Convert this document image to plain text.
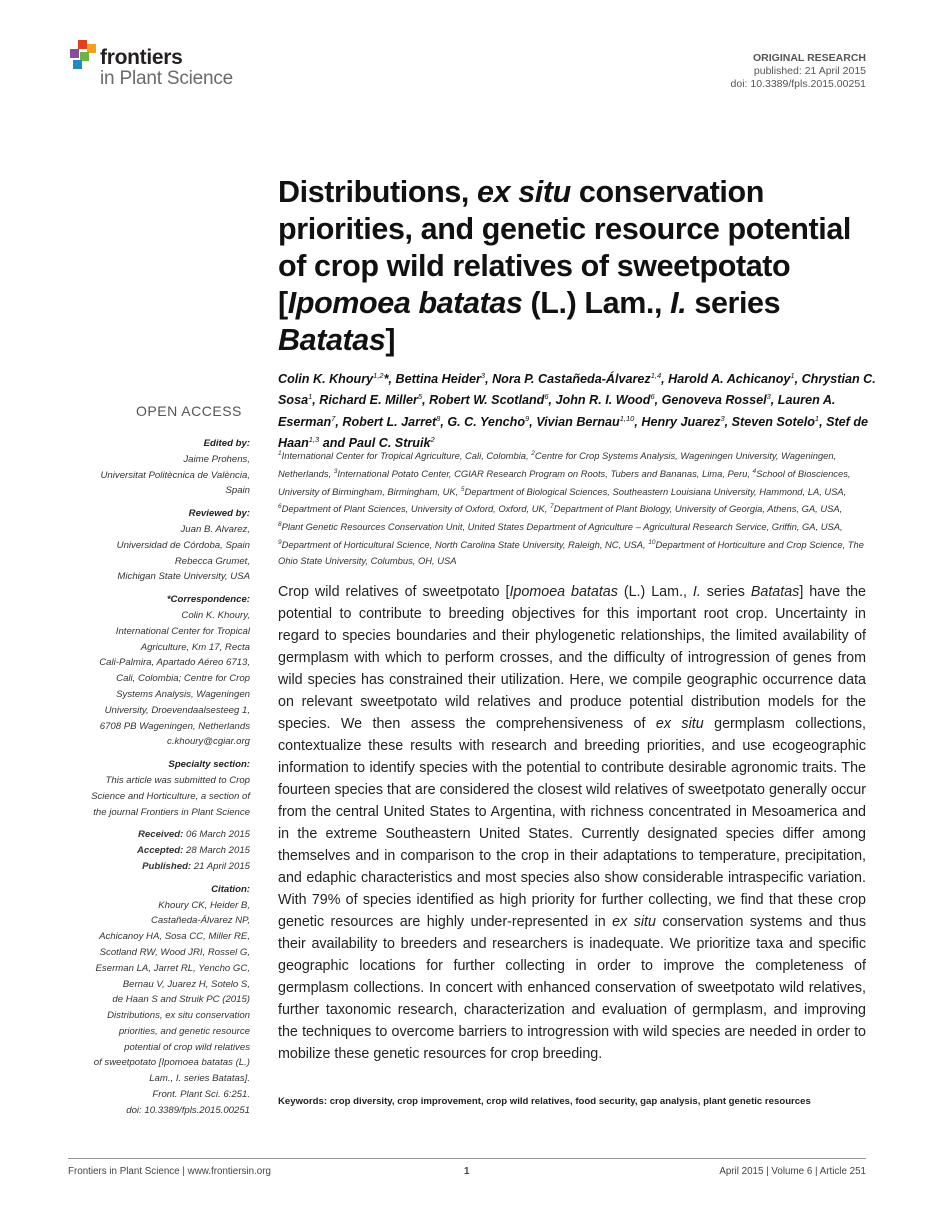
frontiers
in Plant Science
ORIGINAL RESEARCH
published: 21 April 2015
doi: 10.3389/fpls.2015.00251
Distributions, ex situ conservation priorities, and genetic resource potential of crop wild relatives of sweetpotato [Ipomoea batatas (L.) Lam., I. series Batatas]
Colin K. Khoury$^{1,2}$*, Bettina Heider$^3$, Nora P. Castañeda-Álvarez$^{1,4}$, Harold A. Achicanoy$^1$, Chrystian C. Sosa$^1$, Richard E. Miller$^5$, Robert W. Scotland$^6$, John R. I. Wood$^6$, Genoveva Rossel$^3$, Lauren A. Eserman$^7$, Robert L. Jarret$^8$, G. C. Yencho$^9$, Vivian Bernau$^{1,10}$, Henry Juarez$^3$, Steven Sotelo$^1$, Stef de Haan$^{1,3}$ and Paul C. Struik$^2$
$^1$International Center for Tropical Agriculture, Cali, Colombia, $^2$Centre for Crop Systems Analysis, Wageningen University, Wageningen, Netherlands, $^3$International Potato Center, CGIAR Research Program on Roots, Tubers and Bananas, Lima, Peru, $^4$School of Biosciences, University of Birmingham, Birmingham, UK, $^5$Department of Biological Sciences, Southeastern Louisiana University, Hammond, LA, USA, $^6$Department of Plant Sciences, University of Oxford, Oxford, UK, $^7$Department of Plant Biology, University of Georgia, Athens, GA, USA, $^8$Plant Genetic Resources Conservation Unit, United States Department of Agriculture – Agricultural Research Service, Griffin, GA, USA, $^9$Department of Horticultural Science, North Carolina State University, Raleigh, NC, USA, $^{10}$Department of Horticulture and Crop Science, The Ohio State University, Columbus, OH, USA
Crop wild relatives of sweetpotato [Ipomoea batatas (L.) Lam., I. series Batatas] have the potential to contribute to breeding objectives for this important root crop. Uncertainty in regard to species boundaries and their phylogenetic relationships, the limited availability of germplasm with which to perform crosses, and the difficulty of introgression of genes from wild species has constrained their utilization. Here, we compile geographic occurrence data on relevant sweetpotato wild relatives and produce potential distribution models for the species. We then assess the comprehensiveness of ex situ germplasm collections, contextualize these results with research and breeding priorities, and use ecogeographic information to identify species with the potential to contribute desirable agronomic traits. The fourteen species that are considered the closest wild relatives of sweetpotato generally occur from the central United States to Argentina, with richness concentrated in Mesoamerica and in the extreme Southeastern United States. Currently designated species differ among themselves and in comparison to the crop in their adaptations to temperature, precipitation, and edaphic characteristics and most species also show considerable intraspecific variation. With 79% of species identified as high priority for further collecting, we find that these crop genetic resources are highly under-represented in ex situ conservation systems and thus their availability to breeders and researchers is inadequate. We prioritize taxa and specific geographic locations for further collecting in order to improve the completeness of germplasm collections. In concert with enhanced conservation of sweetpotato wild relatives, further taxonomic research, characterization and evaluation of germplasm, and improving the techniques to overcome barriers to introgression with wild species are needed in order to mobilize these genetic resources for crop breeding.
Keywords: crop diversity, crop improvement, crop wild relatives, food security, gap analysis, plant genetic resources
OPEN ACCESS
Edited by:
Jaime Prohens,
Universitat Politècnica de València,
Spain
Reviewed by:
Juan B. Alvarez,
Universidad de Córdoba, Spain
Rebecca Grumet,
Michigan State University, USA
*Correspondence:
Colin K. Khoury,
International Center for Tropical
Agriculture, Km 17, Recta
Cali-Palmira, Apartado Aéreo 6713,
Cali, Colombia; Centre for Crop
Systems Analysis, Wageningen
University, Droevendaalsesteeg 1,
6708 PB Wageningen, Netherlands
c.khoury@cgiar.org
Specialty section:
This article was submitted to Crop
Science and Horticulture, a section of
the journal Frontiers in Plant Science
Received: 06 March 2015
Accepted: 28 March 2015
Published: 21 April 2015
Citation:
Khoury CK, Heider B,
Castañeda-Álvarez NP,
Achicanoy HA, Sosa CC, Miller RE,
Scotland RW, Wood JRI, Rossel G,
Eserman LA, Jarret RL, Yencho GC,
Bernau V, Juarez H, Sotelo S,
de Haan S and Struik PC (2015)
Distributions, ex situ conservation
priorities, and genetic resource
potential of crop wild relatives
of sweetpotato [Ipomoea batatas (L.)
Lam., I. series Batatas].
Front. Plant Sci. 6:251.
doi: 10.3389/fpls.2015.00251
Frontiers in Plant Science | www.frontiersin.org	1	April 2015 | Volume 6 | Article 251
